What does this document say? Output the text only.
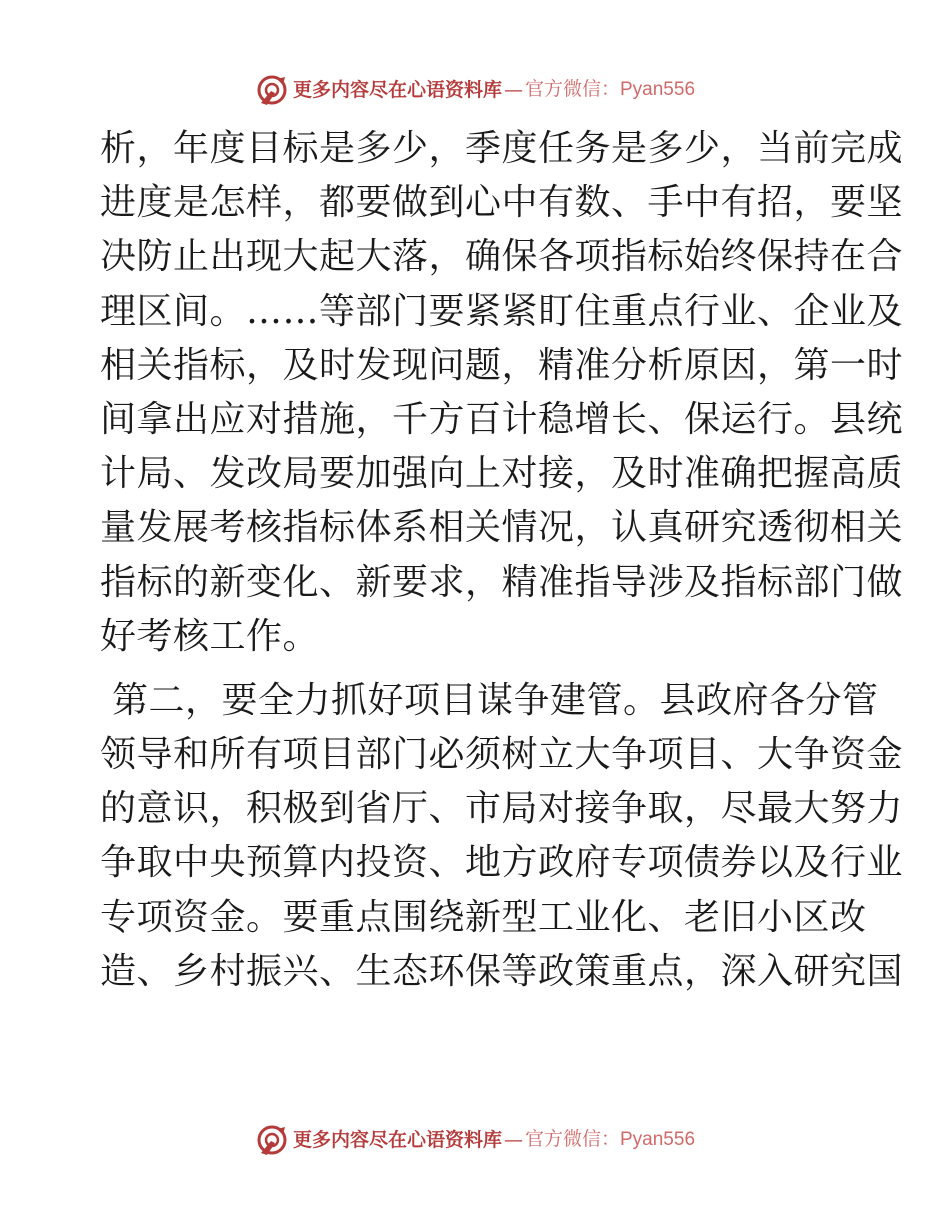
更多内容尽在心语资料库 — 官方微信：Pyan556
析，年度目标是多少，季度任务是多少，当前完成
进度是怎样，都要做到心中有数、手中有招，要坚
决防止出现大起大落，确保各项指标始终保持在合
理区间。……等部门要紧紧盯住重点行业、企业及
相关指标，及时发现问题，精准分析原因，第一时
间拿出应对措施，千方百计稳增长、保运行。县统
计局、发改局要加强向上对接，及时准确把握高质
量发展考核指标体系相关情况，认真研究透彻相关
指标的新变化、新要求，精准指导涉及指标部门做
好考核工作。
第二，要全力抓好项目谋争建管。县政府各分管
领导和所有项目部门必须树立大争项目、大争资金
的意识，积极到省厅、市局对接争取，尽最大努力
争取中央预算内投资、地方政府专项债券以及行业
专项资金。要重点围绕新型工业化、老旧小区改
造、乡村振兴、生态环保等政策重点，深入研究国
更多内容尽在心语资料库 — 官方微信：Pyan556
